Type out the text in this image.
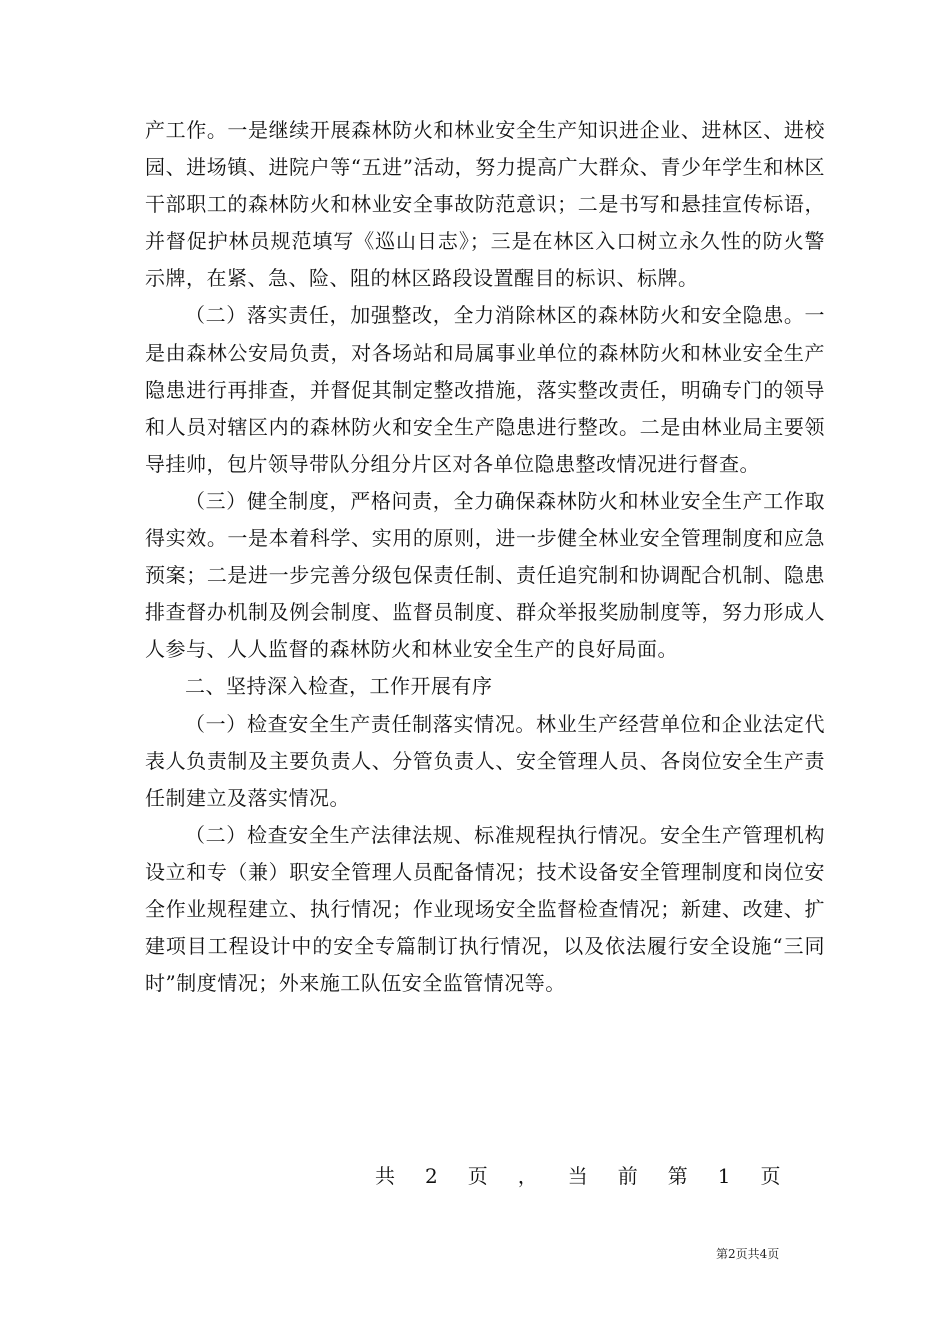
产工作。一是继续开展森林防火和林业安全生产知识进企业、进林区、进校园、进场镇、进院户等“五进”活动，努力提高广大群众、青少年学生和林区干部职工的森林防火和林业安全事故防范意识；二是书写和悬挂宣传标语，并督促护林员规范填写《巡山日志》；三是在林区入口树立永久性的防火警示牌，在紧、急、险、阻的林区路段设置醒目的标识、标牌。

（二）落实责任，加强整改，全力消除林区的森林防火和安全隐患。一是由森林公安局负责，对各场站和局属事业单位的森林防火和林业安全生产隐患进行再排查，并督促其制定整改措施，落实整改责任，明确专门的领导和人员对辖区内的森林防火和安全生产隐患进行整改。二是由林业局主要领导挂帅，包片领导带队分组分片区对各单位隐患整改情况进行督查。

（三）健全制度，严格问责，全力确保森林防火和林业安全生产工作取得实效。一是本着科学、实用的原则，进一步健全林业安全管理制度和应急预案；二是进一步完善分级包保责任制、责任追究制和协调配合机制、隐患排查督办机制及例会制度、监督员制度、群众举报奖励制度等，努力形成人人参与、人人监督的森林防火和林业安全生产的良好局面。

二、坚持深入检查，工作开展有序

（一）检查安全生产责任制落实情况。林业生产经营单位和企业法定代表人负责制及主要负责人、分管负责人、安全管理人员、各岗位安全生产责任制建立及落实情况。

（二）检查安全生产法律法规、标准规程执行情况。安全生产管理机构设立和专（兼）职安全管理人员配备情况；技术设备安全管理制度和岗位安全作业规程建立、执行情况；作业现场安全监督检查情况；新建、改建、扩建项目工程设计中的安全专篇制订执行情况，以及依法履行安全设施“三同时”制度情况；外来施工队伍安全监管情况等。

共2页，当前第1页
第2页共4页
